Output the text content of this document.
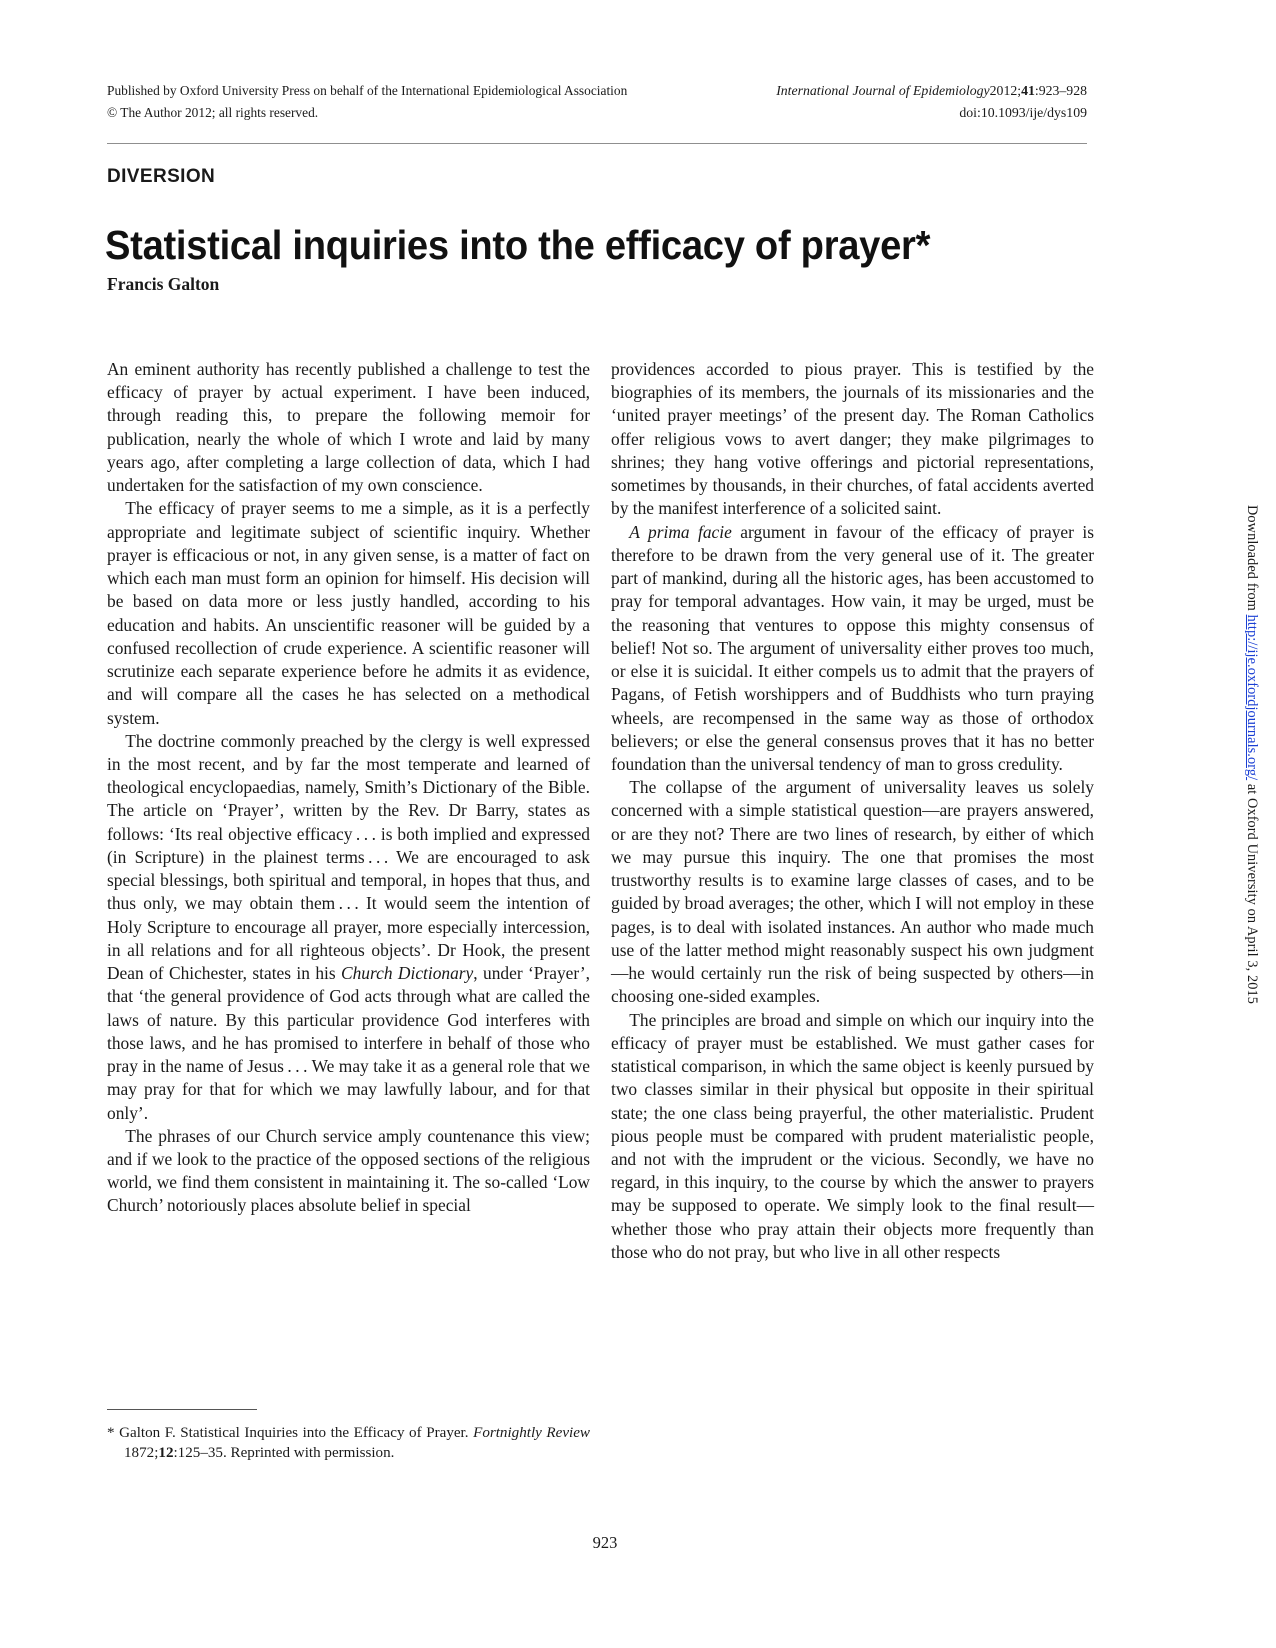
Published by Oxford University Press on behalf of the International Epidemiological Association
© The Author 2012; all rights reserved.
International Journal of Epidemiology2012;41:923–928
doi:10.1093/ije/dys109
DIVERSION
Statistical inquiries into the efficacy of prayer*
Francis Galton

An eminent authority has recently published a challenge to test the efficacy of prayer by actual experiment. I have been induced, through reading this, to prepare the following memoir for publication, nearly the whole of which I wrote and laid by many years ago, after completing a large collection of data, which I had undertaken for the satisfaction of my own conscience.

The efficacy of prayer seems to me a simple, as it is a perfectly appropriate and legitimate subject of scientific inquiry. Whether prayer is efficacious or not, in any given sense, is a matter of fact on which each man must form an opinion for himself. His decision will be based on data more or less justly handled, according to his education and habits. An unscientific reasoner will be guided by a confused recollection of crude experience. A scientific reasoner will scrutinize each separate experience before he admits it as evidence, and will compare all the cases he has selected on a methodical system.

The doctrine commonly preached by the clergy is well expressed in the most recent, and by far the most temperate and learned of theological encyclopaedias, namely, Smith’s Dictionary of the Bible. The article on ‘Prayer’, written by the Rev. Dr Barry, states as follows: ‘Its real objective efficacy . . . is both implied and expressed (in Scripture) in the plainest terms . . . We are encouraged to ask special blessings, both spiritual and temporal, in hopes that thus, and thus only, we may obtain them . . . It would seem the intention of Holy Scripture to encourage all prayer, more especially intercession, in all relations and for all righteous objects’. Dr Hook, the present Dean of Chichester, states in his Church Dictionary, under ‘Prayer’, that ‘the general providence of God acts through what are called the laws of nature. By this particular providence God interferes with those laws, and he has promised to interfere in behalf of those who pray in the name of Jesus . . . We may take it as a general role that we may pray for that for which we may lawfully labour, and for that only’.

The phrases of our Church service amply countenance this view; and if we look to the practice of the opposed sections of the religious world, we find them consistent in maintaining it. The so-called ‘Low Church’ notoriously places absolute belief in special

providences accorded to pious prayer. This is testified by the biographies of its members, the journals of its missionaries and the ‘united prayer meetings’ of the present day. The Roman Catholics offer religious vows to avert danger; they make pilgrimages to shrines; they hang votive offerings and pictorial representations, sometimes by thousands, in their churches, of fatal accidents averted by the manifest interference of a solicited saint.

A prima facie argument in favour of the efficacy of prayer is therefore to be drawn from the very general use of it. The greater part of mankind, during all the historic ages, has been accustomed to pray for temporal advantages. How vain, it may be urged, must be the reasoning that ventures to oppose this mighty consensus of belief! Not so. The argument of universality either proves too much, or else it is suicidal. It either compels us to admit that the prayers of Pagans, of Fetish worshippers and of Buddhists who turn praying wheels, are recompensed in the same way as those of orthodox believers; or else the general consensus proves that it has no better foundation than the universal tendency of man to gross credulity.

The collapse of the argument of universality leaves us solely concerned with a simple statistical question—are prayers answered, or are they not? There are two lines of research, by either of which we may pursue this inquiry. The one that promises the most trustworthy results is to examine large classes of cases, and to be guided by broad averages; the other, which I will not employ in these pages, is to deal with isolated instances. An author who made much use of the latter method might reasonably suspect his own judgment—he would certainly run the risk of being suspected by others—in choosing one-sided examples.

The principles are broad and simple on which our inquiry into the efficacy of prayer must be established. We must gather cases for statistical comparison, in which the same object is keenly pursued by two classes similar in their physical but opposite in their spiritual state; the one class being prayerful, the other materialistic. Prudent pious people must be compared with prudent materialistic people, and not with the imprudent or the vicious. Secondly, we have no regard, in this inquiry, to the course by which the answer to prayers may be supposed to operate. We simply look to the final result—whether those who pray attain their objects more frequently than those who do not pray, but who live in all other respects

* Galton F. Statistical Inquiries into the Efficacy of Prayer. Fortnightly Review 1872;12:125–35. Reprinted with permission.
923
Downloaded from http://ije.oxfordjournals.org/ at Oxford University on April 3, 2015
